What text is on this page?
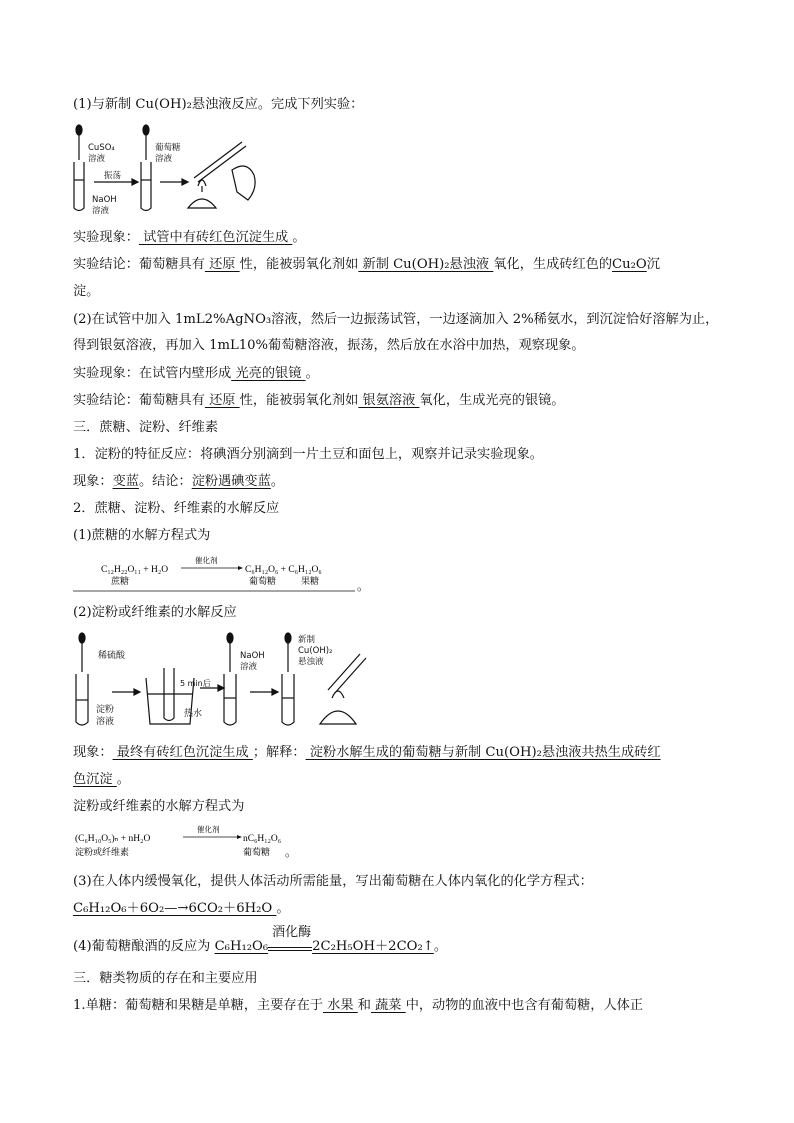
(1)与新制 Cu(OH)₂悬浊液反应。完成下列实验：
CuSO₄
溶液
葡萄糖
溶液
振荡
NaOH
溶液
实验现象： 试管中有砖红色沉淀生成 。
实验结论：葡萄糖具有 还原 性，能被弱氧化剂如 新制 Cu(OH)₂悬浊液 氧化，生成砖红色的Cu₂O沉
淀。
(2)在试管中加入 1mL2%AgNO₃溶液，然后一边振荡试管，一边逐滴加入 2%稀氨水，到沉淀恰好溶解为止，
得到银氨溶液，再加入 1mL10%葡萄糖溶液，振荡，然后放在水浴中加热，观察现象。
实验现象：在试管内壁形成 光亮的银镜 。
实验结论：葡萄糖具有 还原 性，能被弱氧化剂如 银氨溶液 氧化，生成光亮的银镜。
三．蔗糖、淀粉、纤维素
1．淀粉的特征反应：将碘酒分别滴到一片土豆和面包上，观察并记录实验现象。
现象：变蓝。结论：淀粉遇碘变蓝。
2．蔗糖、淀粉、纤维素的水解反应
(1)蔗糖的水解方程式为
C₁₂H₂₂O₁₁ + H₂O
催化剂
C₆H₁₂O₆ + C₆H₁₂O₆
蔗糖	葡萄糖	果糖	。
(2)淀粉或纤维素的水解反应
稀硫酸
淀粉
溶液
5 min后
热水
NaOH
溶液
新制
Cu(OH)₂
悬浊液
现象： 最终有砖红色沉淀生成 ；解释： 淀粉水解生成的葡萄糖与新制 Cu(OH)₂悬浊液共热生成砖红
色沉淀 。
淀粉或纤维素的水解方程式为
(C₆H₁₀O₅)ₙ + nH₂O
催化剂
nC₆H₁₂O₆
淀粉或纤维素	葡萄糖 。
(3)在人体内缓慢氧化，提供人体活动所需能量，写出葡萄糖在人体内氧化的化学方程式：
C₆H₁₂O₆＋6O₂—→6CO₂＋6H₂O 。
(4)葡萄糖酿酒的反应为 C₆H₁₂O₆
酒化酶
2C₂H₅OH＋2CO₂↑。
三．糖类物质的存在和主要应用
1.单糖：葡萄糖和果糖是单糖，主要存在于 水果 和 蔬菜 中，动物的血液中也含有葡萄糖，人体正
